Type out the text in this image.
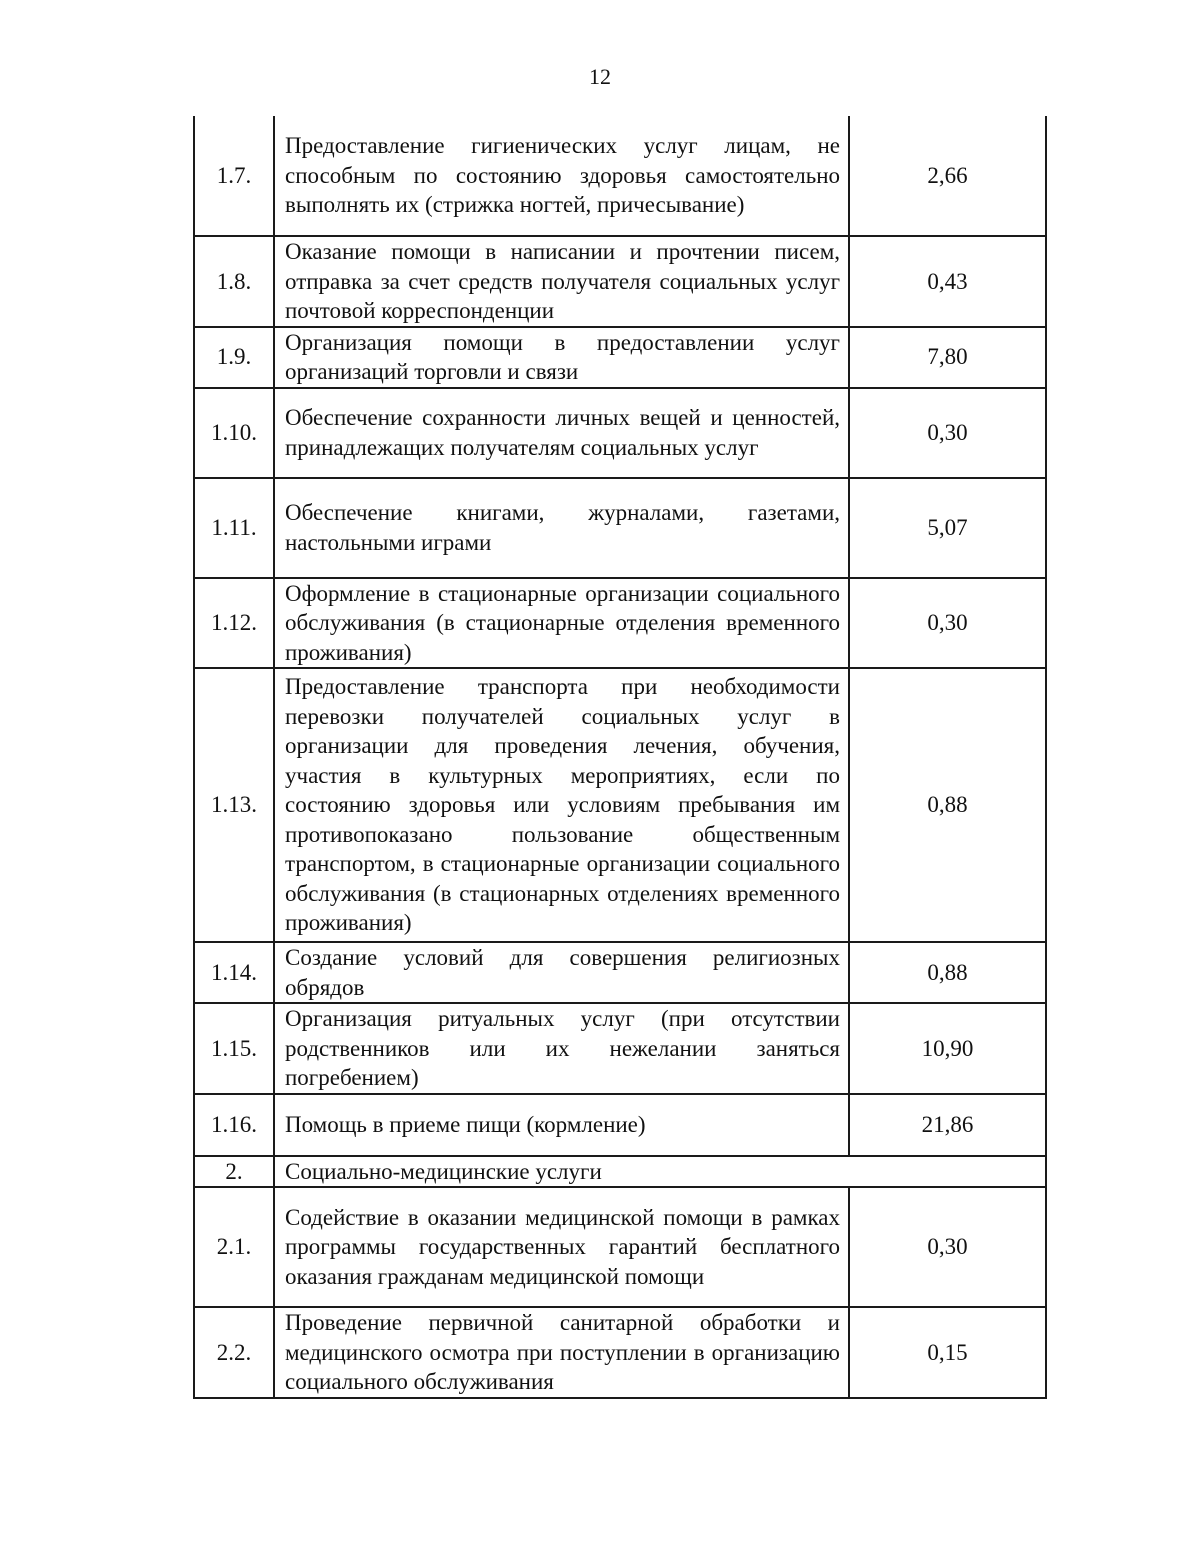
12
1.7.	Предоставление гигиенических услуг лицам, не способным по состоянию здоровья самостоятельно выполнять их (стрижка ногтей, причесывание)	2,66
1.8.	Оказание помощи в написании и прочтении писем, отправка за счет средств получателя социальных услуг почтовой корреспонденции	0,43
1.9.	Организация помощи в предоставлении услуг организаций торговли и связи	7,80
1.10.	Обеспечение сохранности личных вещей и ценностей, принадлежащих получателям социальных услуг	0,30
1.11.	Обеспечение книгами, журналами, газетами, настольными играми	5,07
1.12.	Оформление в стационарные организации социального обслуживания (в стационарные отделения временного проживания)	0,30
1.13.	Предоставление транспорта при необходимости перевозки получателей социальных услуг в организации для проведения лечения, обучения, участия в культурных мероприятиях, если по состоянию здоровья или условиям пребывания им противопоказано пользование общественным транспортом, в стационарные организации социального обслуживания (в стационарных отделениях временного проживания)	0,88
1.14.	Создание условий для совершения религиозных обрядов	0,88
1.15.	Организация ритуальных услуг (при отсутствии родственников или их нежелании заняться погребением)	10,90
1.16.	Помощь в приеме пищи (кормление)	21,86
2.	Социально-медицинские услуги	
2.1.	Содействие в оказании медицинской помощи в рамках программы государственных гарантий бесплатного оказания гражданам медицинской помощи	0,30
2.2.	Проведение первичной санитарной обработки и медицинского осмотра при поступлении в организацию социального обслуживания	0,15
